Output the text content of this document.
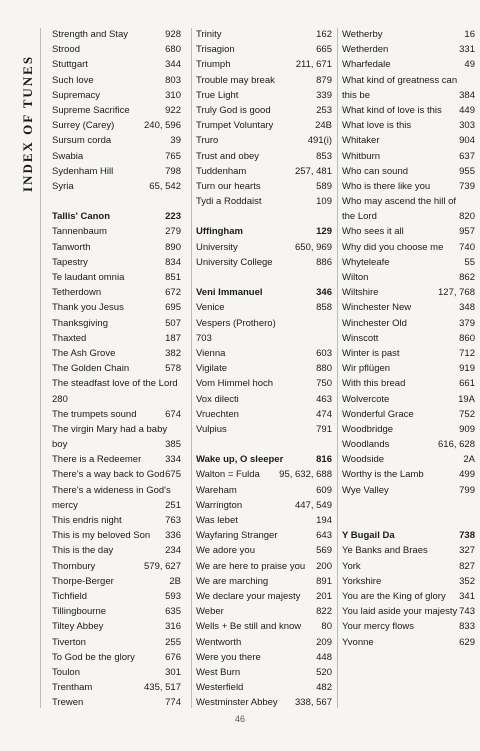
INDEX OF TUNES
Strength and Stay	928
Strood	680
Stuttgart	344
Such love	803
Supremacy	310
Supreme Sacrifice	922
Surrey (Carey)	240, 596
Sursum corda	39
Swabia	765
Sydenham Hill	798
Syria	65, 542
Tallis' Canon	223
Tannenbaum	279
Tanworth	890
Tapestry	834
Te laudant omnia	851
Tetherdown	672
Thank you Jesus	695
Thanksgiving	507
Thaxted	187
The Ash Grove	382
The Golden Chain	578
The steadfast love of the Lord
280
The trumpets sound	674
The virgin Mary had a baby
boy	385
There is a Redeemer	334
There's a way back to God 675
There's a wideness in God's
mercy	251
This endris night	763
This is my beloved Son 336
This is the day	234
Thornbury	579, 627
Thorpe-Berger	2B
Tichfield	593
Tillingbourne	635
Tiltey Abbey	316
Tiverton	255
To God be the glory	676
Toulon	301
Trentham	435, 517
Trewen	774
Trinity	162
Trisagion	665
Triumph	211, 671
Trouble may break	879
True Light	339
Truly God is good	253
Trumpet Voluntary	24B
Truro	491(i)
Trust and obey	853
Tuddenham	257, 481
Turn our hearts	589
Tydi a Roddaist	109
Uffingham	129
University	650, 969
University College	886
Veni Immanuel	346
Venice	858
Vespers (Prothero)
703
Vienna	603
Vigilate	880
Vom Himmel hoch	750
Vox dilecti	463
Vruechten	474
Vulpius	791
Wake up, O sleeper	816
Walton = Fulda 95, 632, 688
Wareham	609
Warrington	447, 549
Was lebet	194
Wayfaring Stranger	643
We adore you	569
We are here to praise you 200
We are marching	891
We declare your majesty 201
Weber	822
Wells + Be still and know 80
Wentworth	209
Were you there	448
West Burn	520
Westerfield	482
Westminster Abbey 338, 567
Wetherby	16
Wetherden	331
Wharfedale	49
What kind of greatness can
this be	384
What kind of love is this 449
What love is this	303
Whitaker	904
Whitburn	637
Who can sound	955
Who is there like you	739
Who may ascend the hill of
the Lord	820
Who sees it all	957
Why did you choose me 740
Whyteleafe	55
Wilton	862
Wiltshire	127, 768
Winchester New	348
Winchester Old	379
Winscott	860
Winter is past	712
Wir pflügen	919
With this bread	661
Wolvercote	19A
Wonderful Grace	752
Woodbridge	909
Woodlands	616, 628
Woodside	2A
Worthy is the Lamb	499
Wye Valley	799
Y Bugail Da	738
Ye Banks and Braes	327
York	827
Yorkshire	352
You are the King of glory 341
You laid aside your majesty 743
Your mercy flows	833
Yvonne	629
46
